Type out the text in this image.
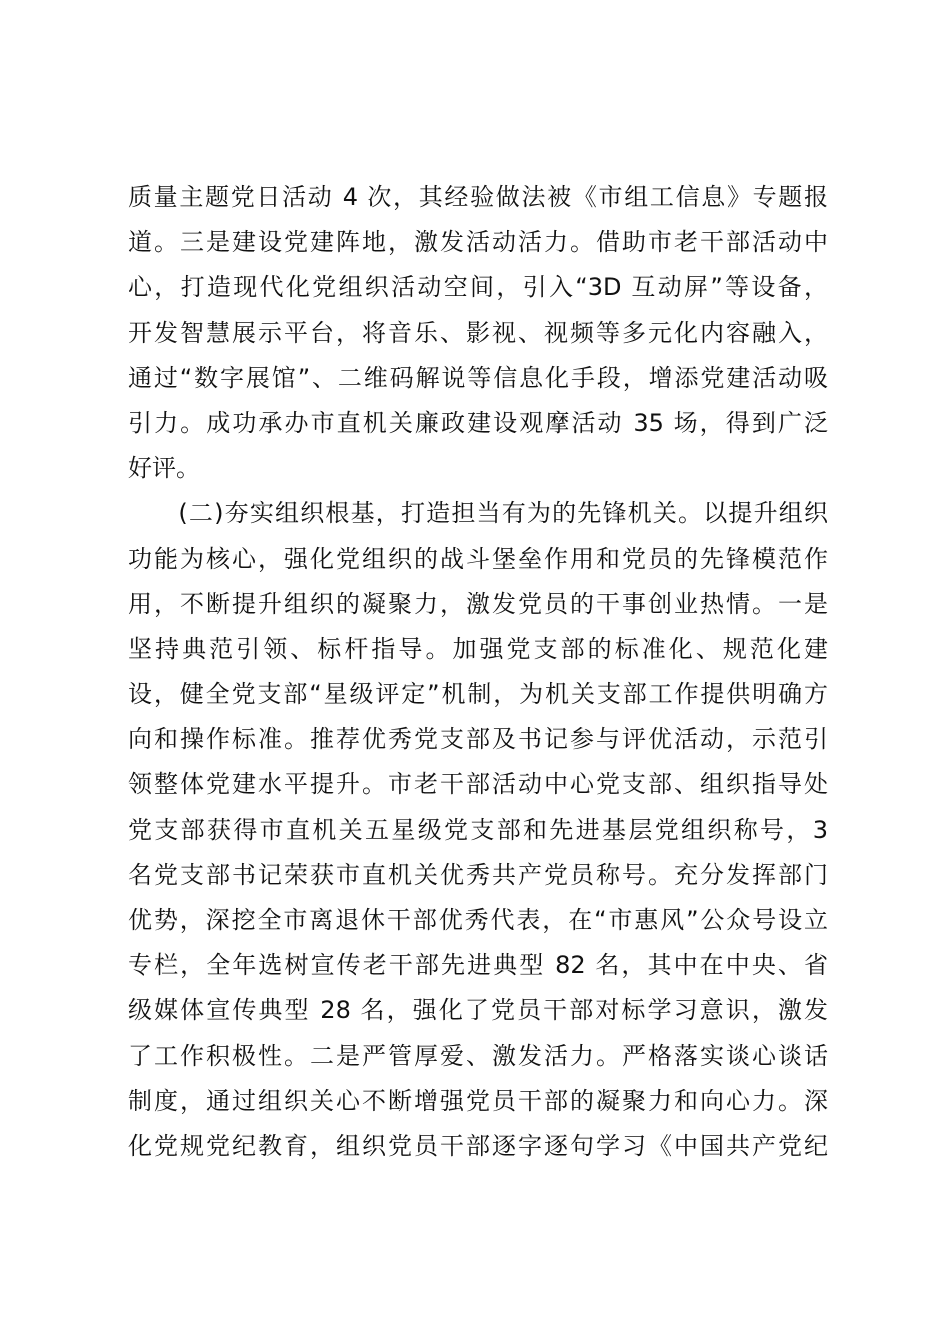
质量主题党日活动 4 次，其经验做法被《市组工信息》专题报
道。三是建设党建阵地，激发活动活力。借助市老干部活动中
心，打造现代化党组织活动空间，引入“3D 互动屏”等设备，
开发智慧展示平台，将音乐、影视、视频等多元化内容融入，
通过“数字展馆”、二维码解说等信息化手段，增添党建活动吸
引力。成功承办市直机关廉政建设观摩活动 35 场，得到广泛
好评。
　　(二)夯实组织根基，打造担当有为的先锋机关。以提升组织
功能为核心，强化党组织的战斗堡垒作用和党员的先锋模范作
用，不断提升组织的凝聚力，激发党员的干事创业热情。一是
坚持典范引领、标杆指导。加强党支部的标准化、规范化建
设，健全党支部“星级评定”机制，为机关支部工作提供明确方
向和操作标准。推荐优秀党支部及书记参与评优活动，示范引
领整体党建水平提升。市老干部活动中心党支部、组织指导处
党支部获得市直机关五星级党支部和先进基层党组织称号，3
名党支部书记荣获市直机关优秀共产党员称号。充分发挥部门
优势，深挖全市离退休干部优秀代表，在“市惠风”公众号设立
专栏，全年选树宣传老干部先进典型 82 名，其中在中央、省
级媒体宣传典型 28 名，强化了党员干部对标学习意识，激发
了工作积极性。二是严管厚爱、激发活力。严格落实谈心谈话
制度，通过组织关心不断增强党员干部的凝聚力和向心力。深
化党规党纪教育，组织党员干部逐字逐句学习《中国共产党纪
